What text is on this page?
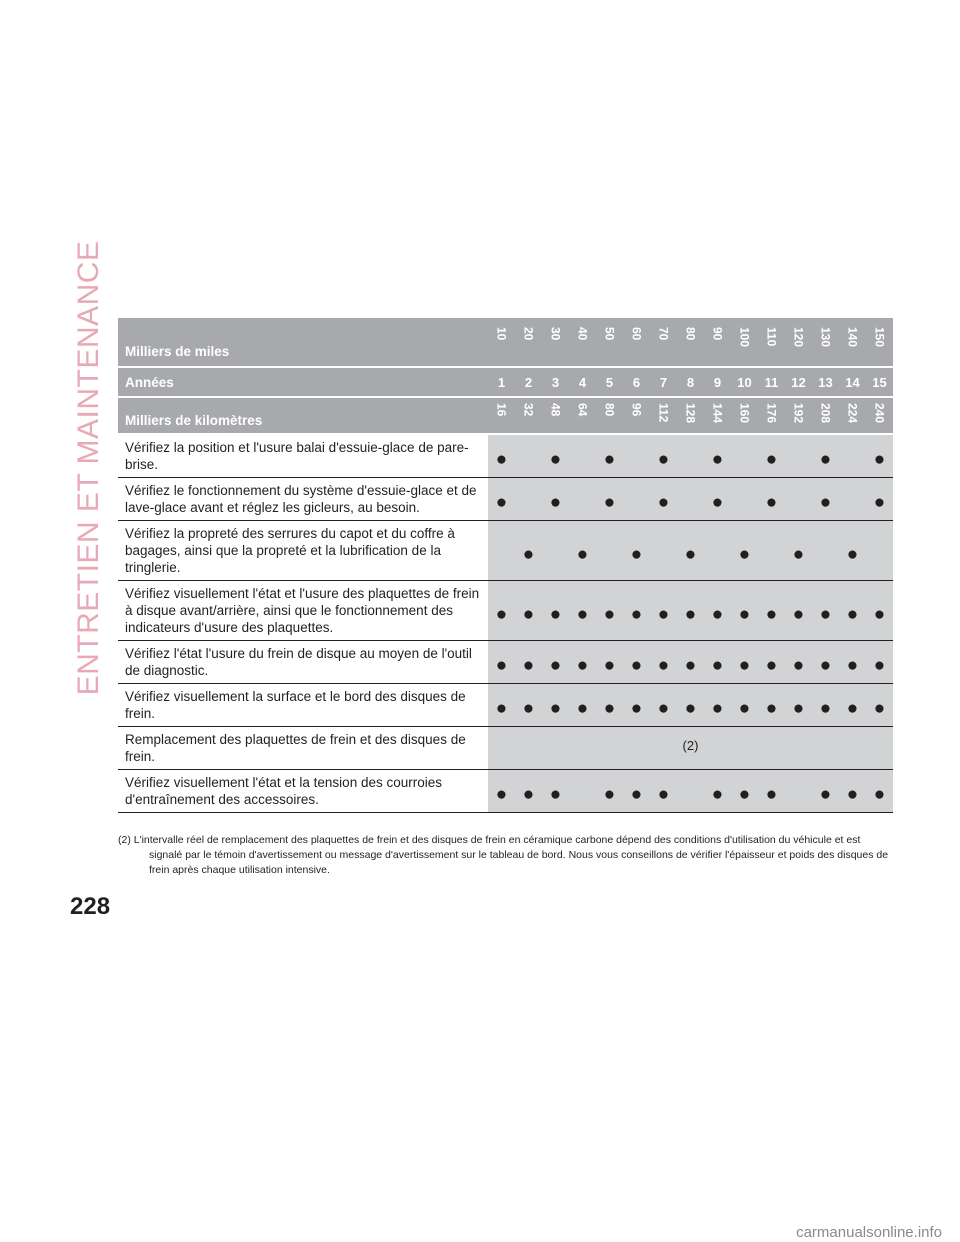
ENTRETIEN ET MAINTENANCE Milliers de miles	10	20	30	40	50	60	70	80	90	100	110	120	130	140	150
Années	1	2	3	4	5	6	7	8	9	10	11	12	13	14	15
Milliers de kilomètres	16	32	48	64	80	96	112	128	144	160	176	192	208	224	240
Vérifiez la position et l'usure balai d'essuie-glace de pare-brise.	●		●		●		●		●		●		●		●
Vérifiez le fonctionnement du système d'essuie-glace et de lave-glace avant et réglez les gicleurs, au besoin.	●		●		●		●		●		●		●		●
Vérifiez la propreté des serrures du capot et du coffre à bagages, ainsi que la propreté et la lubrification de la tringlerie.		●		●		●		●		●		●		●	
Vérifiez visuellement l'état et l'usure des plaquettes de frein à disque avant/arrière, ainsi que le fonctionnement des indicateurs d'usure des plaquettes.	●	●	●	●	●	●	●	●	●	●	●	●	●	●	●
Vérifiez l'état l'usure du frein de disque au moyen de l'outil de diagnostic.	●	●	●	●	●	●	●	●	●	●	●	●	●	●	●
Vérifiez visuellement la surface et le bord des disques de frein.	●	●	●	●	●	●	●	●	●	●	●	●	●	●	●
Remplacement des plaquettes de frein et des disques de frein.	(2)														
Vérifiez visuellement l'état et la tension des courroies d'entraînement des accessoires.	●	●	●		●	●	●		●	●	●		●	●	●
(2) L'intervalle réel de remplacement des plaquettes de frein et des disques de frein en céramique carbone dépend des conditions d'utilisation du véhicule et est signalé par le témoin d'avertissement ou message d'avertissement sur le tableau de bord. Nous vous conseillons de vérifier l'épaisseur et poids des disques de frein après chaque utilisation intensive.
228
carmanualsonline.info
